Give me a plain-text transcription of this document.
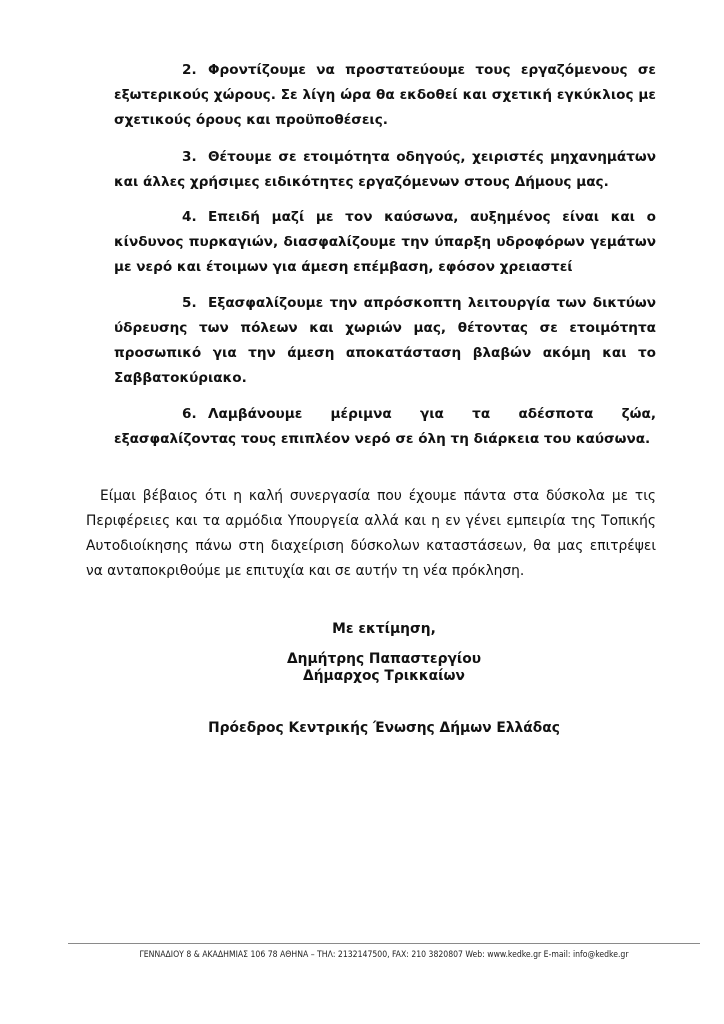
2. Φροντίζουμε να προστατεύουμε τους εργαζόμενους σε εξωτερικούς χώρους. Σε λίγη ώρα θα εκδοθεί και σχετική εγκύκλιος με σχετικούς όρους και προϋποθέσεις.
3. Θέτουμε σε ετοιμότητα οδηγούς, χειριστές μηχανημάτων και άλλες χρήσιμες ειδικότητες εργαζόμενων στους Δήμους μας.
4. Επειδή μαζί με τον καύσωνα, αυξημένος είναι και ο κίνδυνος πυρκαγιών, διασφαλίζουμε την ύπαρξη υδροφόρων γεμάτων με νερό και έτοιμων για άμεση επέμβαση, εφόσον χρειαστεί
5. Εξασφαλίζουμε την απρόσκοπτη λειτουργία των δικτύων ύδρευσης των πόλεων και χωριών μας, θέτοντας σε ετοιμότητα προσωπικό για την άμεση αποκατάσταση βλαβών ακόμη και το Σαββατοκύριακο.
6. Λαμβάνουμε μέριμνα για τα αδέσποτα ζώα, εξασφαλίζοντας τους επιπλέον νερό σε όλη τη διάρκεια του καύσωνα.
Είμαι βέβαιος ότι η καλή συνεργασία που έχουμε πάντα στα δύσκολα με τις Περιφέρειες και τα αρμόδια Υπουργεία αλλά και η εν γένει εμπειρία της Τοπικής Αυτοδιοίκησης πάνω στη διαχείριση δύσκολων καταστάσεων, θα μας επιτρέψει να ανταποκριθούμε με επιτυχία και σε αυτήν τη νέα πρόκληση.
Με εκτίμηση,
Δημήτρης Παπαστεργίου
Δήμαρχος Τρικκαίων
Πρόεδρος Κεντρικής Ένωσης Δήμων Ελλάδας
ΓΕΝΝΑΔΙΟΥ 8 & ΑΚΑΔΗΜΙΑΣ 106 78 ΑΘΗΝΑ – ΤΗΛ: 2132147500, FAX: 210 3820807 Web: www.kedke.gr E-mail: info@kedke.gr
